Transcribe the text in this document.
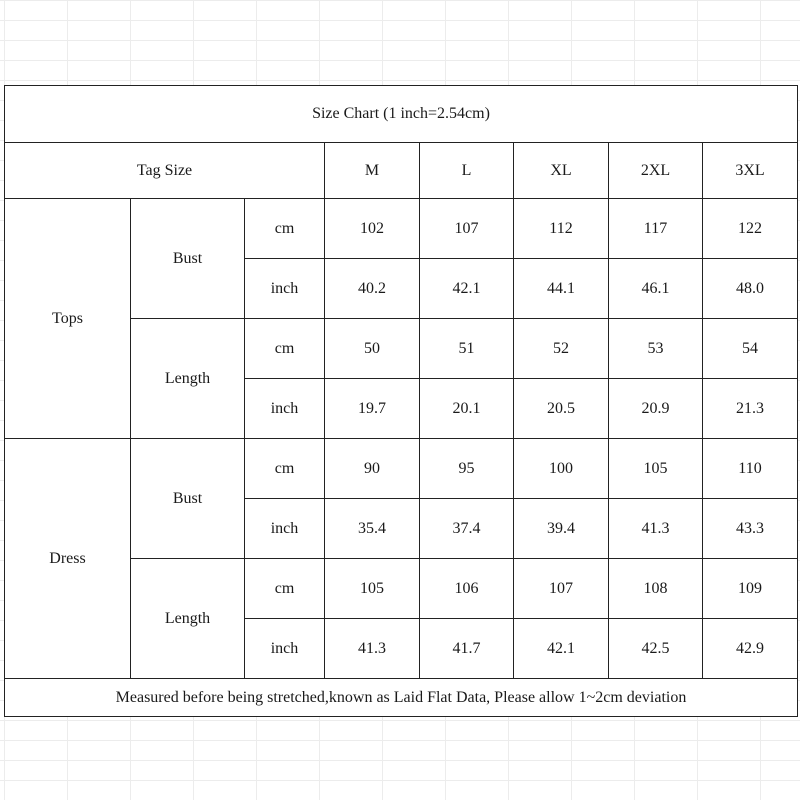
Size Chart (1 inch=2.54cm)							
Tag Size			M	L	XL	2XL	3XL
Tops	Bust	cm	102	107	112	117	122
		inch	40.2	42.1	44.1	46.1	48.0
	Length	cm	50	51	52	53	54
		inch	19.7	20.1	20.5	20.9	21.3
Dress	Bust	cm	90	95	100	105	110
		inch	35.4	37.4	39.4	41.3	43.3
	Length	cm	105	106	107	108	109
		inch	41.3	41.7	42.1	42.5	42.9
Measured before being stretched,known as Laid Flat Data, Please allow 1~2cm deviation							
